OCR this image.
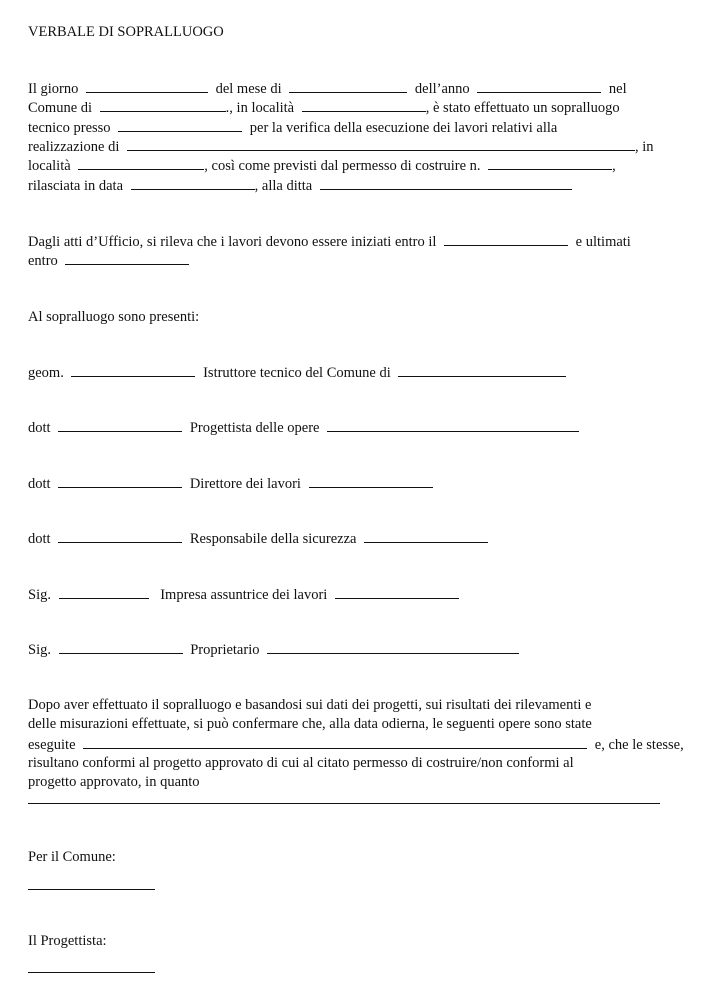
VERBALE DI SOPRALLUOGO
Il giorno	del mese di	dell’anno	nel
Comune di	., in località	, è stato effettuato un sopralluogo
tecnico presso	per la verifica della esecuzione dei lavori relativi alla
realizzazione di	, in
località	, così come previsti dal permesso di costruire n.	,
rilasciata in data	, alla ditta
Dagli atti d’Ufficio, si rileva che i lavori devono essere iniziati entro il	e ultimati
entro
Al sopralluogo sono presenti:
geom.	Istruttore tecnico del Comune di
dott	Progettista delle opere
dott	Direttore dei lavori
dott	Responsabile della sicurezza
Sig.	Impresa assuntrice dei lavori
Sig.	Proprietario
Dopo aver effettuato il sopralluogo e basandosi sui dati dei progetti, sui risultati dei rilevamenti e
delle misurazioni effettuate, si può confermare che, alla data odierna, le seguenti opere sono state
eseguite	e, che le stesse,
risultano conformi al progetto approvato di cui al citato permesso di costruire/non conformi al
progetto approvato, in quanto
Per il Comune:
Il Progettista:
